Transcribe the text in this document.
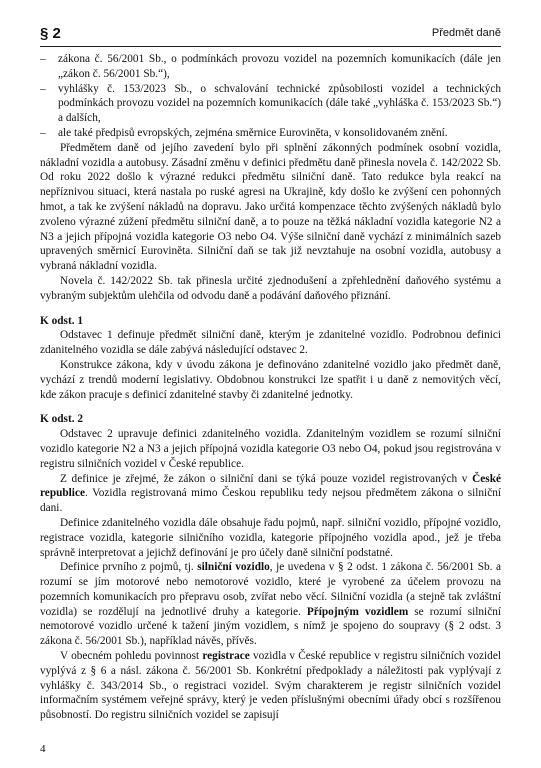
§ 2	Předmět daně
– zákona č. 56/2001 Sb., o podmínkách provozu vozidel na pozemních komunikacích (dále jen „zákon č. 56/2001 Sb.“),
– vyhlášky č. 153/2023 Sb., o schvalování technické způsobilosti vozidel a technických podmínkách provozu vozidel na pozemních komunikacích (dále také „vyhláška č. 153/2023 Sb.“) a dalších,
– ale také předpisů evropských, zejména směrnice Eurovinĕta, v konsolidovaném znění.

Předmětem daně od jejího zavedení bylo při splnění zákonných podmínek osobní vozidla, nákladní vozidla a autobusy. Zásadní změnu v definici předmětu daně přinesla novela č. 142/2022 Sb. Od roku 2022 došlo k výrazné redukci předmětu silniční daně. Tato redukce byla reakcí na nepříznivou situaci, která nastala po ruské agresi na Ukrajině, kdy došlo ke zvýšení cen pohonných hmot, a tak ke zvýšení nákladů na dopravu. Jako určitá kompenzace těchto zvýšených nákladů bylo zvoleno výrazné zúžení předmětu silniční daně, a to pouze na těžká nákladní vozidla kategorie N2 a N3 a jejich přípojná vozidla kategorie O3 nebo O4. Výše silniční daně vychází z minimálních sazeb upravených směrnicí Eurovinĕta. Silniční daň se tak již nevztahuje na osobní vozidla, autobusy a vybraná nákladní vozidla.

Novela č. 142/2022 Sb. tak přinesla určité zjednodušení a zpřehlednění daňového systému a vybraným subjektům ulehčila od odvodu daně a podávání daňového přiznání.

K odst. 1

Odstavec 1 definuje předmět silniční daně, kterým je zdanitelné vozidlo. Podrobnou definici zdanitelného vozidla se dále zabývá následující odstavec 2.

Konstrukce zákona, kdy v úvodu zákona je definováno zdanitelné vozidlo jako předmět daně, vychází z trendů moderní legislativy. Obdobnou konstrukci lze spatřit i u daně z nemovitých věcí, kde zákon pracuje s definicí zdanitelné stavby či zdanitelné jednotky.

K odst. 2

Odstavec 2 upravuje definici zdanitelného vozidla. Zdanitelným vozidlem se rozumí silniční vozidlo kategorie N2 a N3 a jejich přípojná vozidla kategorie O3 nebo O4, pokud jsou registrována v registru silničních vozidel v České republice.

Z definice je zřejmé, že zákon o silniční dani se týká pouze vozidel registrovaných v České republice. Vozidla registrovaná mimo Českou republiku tedy nejsou předmětem zákona o silniční dani.

Definice zdanitelného vozidla dále obsahuje řadu pojmů, např. silniční vozidlo, přípojné vozidlo, registrace vozidla, kategorie silničního vozidla, kategorie přípojného vozidla apod., jež je třeba správně interpretovat a jejichž definování je pro účely daně silniční podstatné.

Definice prvního z pojmů, tj. silniční vozidlo, je uvedena v § 2 odst. 1 zákona č. 56/2001 Sb. a rozumí se jím motorové nebo nemotorové vozidlo, které je vyrobené za účelem provozu na pozemních komunikacích pro přepravu osob, zvířat nebo věcí. Silniční vozidla (a stejně tak zvláštní vozidla) se rozdělují na jednotlivé druhy a kategorie. Přípojným vozidlem se rozumí silniční nemotorové vozidlo určené k tažení jiným vozidlem, s nímž je spojeno do soupravy (§ 2 odst. 3 zákona č. 56/2001 Sb.), například návěs, přívěs.

V obecném pohledu povinnost registrace vozidla v České republice v registru silničních vozidel vyplývá z § 6 a násl. zákona č. 56/2001 Sb. Konkrétní předpoklady a náležitosti pak vyplývají z vyhlášky č. 343/2014 Sb., o registraci vozidel. Svým charakterem je registr silničních vozidel informačním systémem veřejné správy, který je veden příslušnými obecními úřady obcí s rozšířenou působností. Do registru silničních vozidel se zapisují

4
